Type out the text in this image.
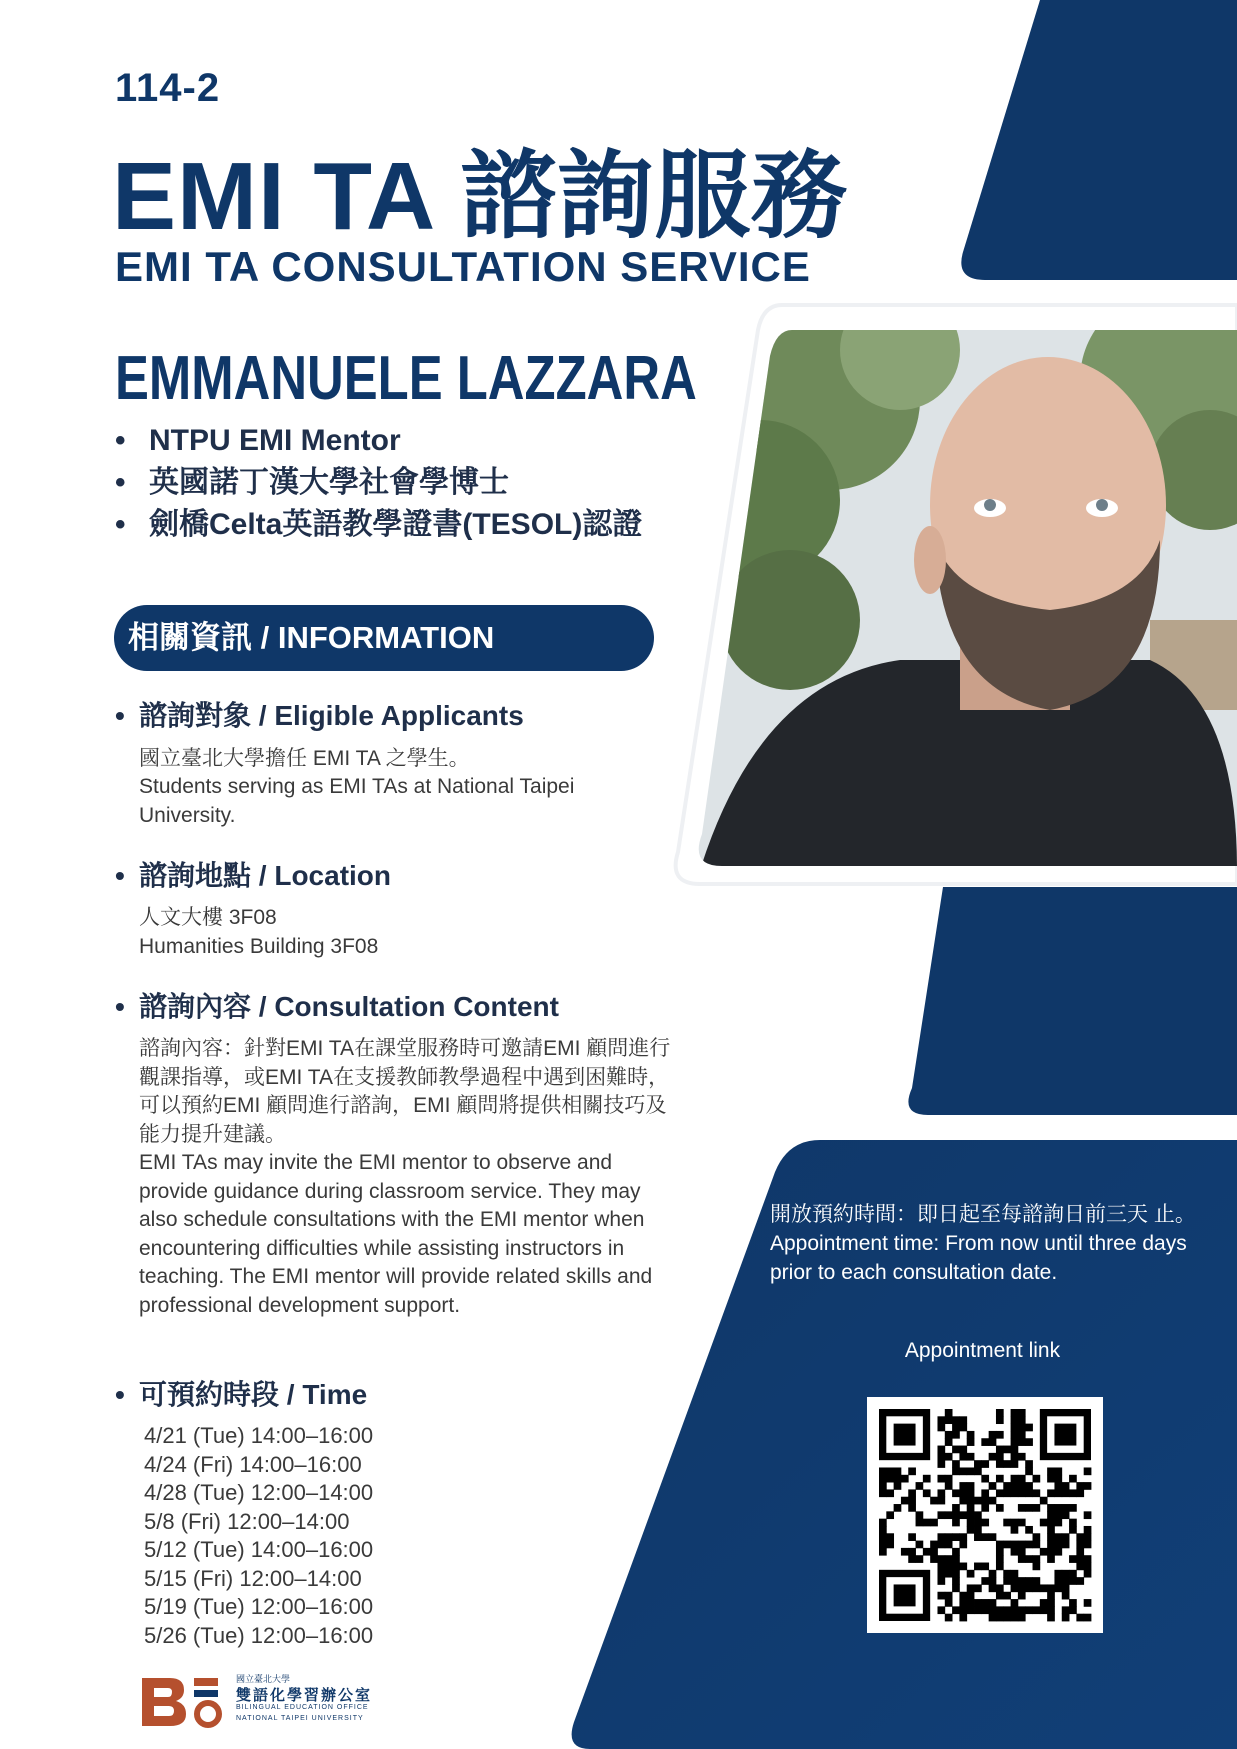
114-2
EMI TA 諮詢服務
EMI TA CONSULTATION SERVICE
EMMANUELE LAZZARA
• NTPU EMI Mentor
• 英國諾丁漢大學社會學博士
• 劍橋Celta英語教學證書(TESOL)認證
相關資訊 / INFORMATION
• 諮詢對象 / Eligible Applicants
國立臺北大學擔任 EMI TA 之學生。
Students serving as EMI TAs at National Taipei University.
• 諮詢地點 / Location
人文大樓 3F08
Humanities Building 3F08
• 諮詢內容 / Consultation Content
諮詢內容：針對EMI TA在課堂服務時可邀請EMI 顧問進行觀課指導，或EMI TA在支援教師教學過程中遇到困難時，可以預約EMI 顧問進行諮詢，EMI 顧問將提供相關技巧及能力提升建議。
EMI TAs may invite the EMI mentor to observe and provide guidance during classroom service. They may also schedule consultations with the EMI mentor when encountering difficulties while assisting instructors in teaching. The EMI mentor will provide related skills and professional development support.
• 可預約時段 / Time
4/21 (Tue) 14:00–16:00
4/24 (Fri) 14:00–16:00
4/28 (Tue) 12:00–14:00
5/8 (Fri) 12:00–14:00
5/12 (Tue) 14:00–16:00
5/15 (Fri) 12:00–14:00
5/19 (Tue) 12:00–16:00
5/26 (Tue) 12:00–16:00
開放預約時間：即日起至每諮詢日前三天 止。
Appointment time: From now until three days prior to each consultation date.
Appointment link
國立臺北大學
雙語化學習辦公室
BILINGUAL EDUCATION OFFICE
NATIONAL TAIPEI UNIVERSITY
